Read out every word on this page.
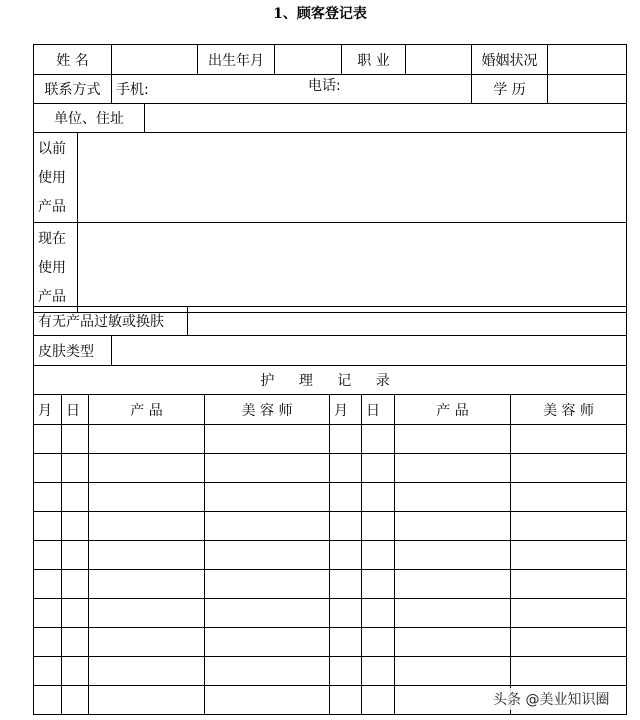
1、顾客登记表
姓 名		出生年月		职 业		婚姻状况	
联系方式	手机: 电话:					学 历	
单位、住址	
以前
使用
产品	

现在
使用
产品	

有无产品过敏或换肤	
皮肤类型	
护 理 记 录							
月	日	产 品	美 容 师	月	日	产 品	美 容 师

头条 @美业知识圈
